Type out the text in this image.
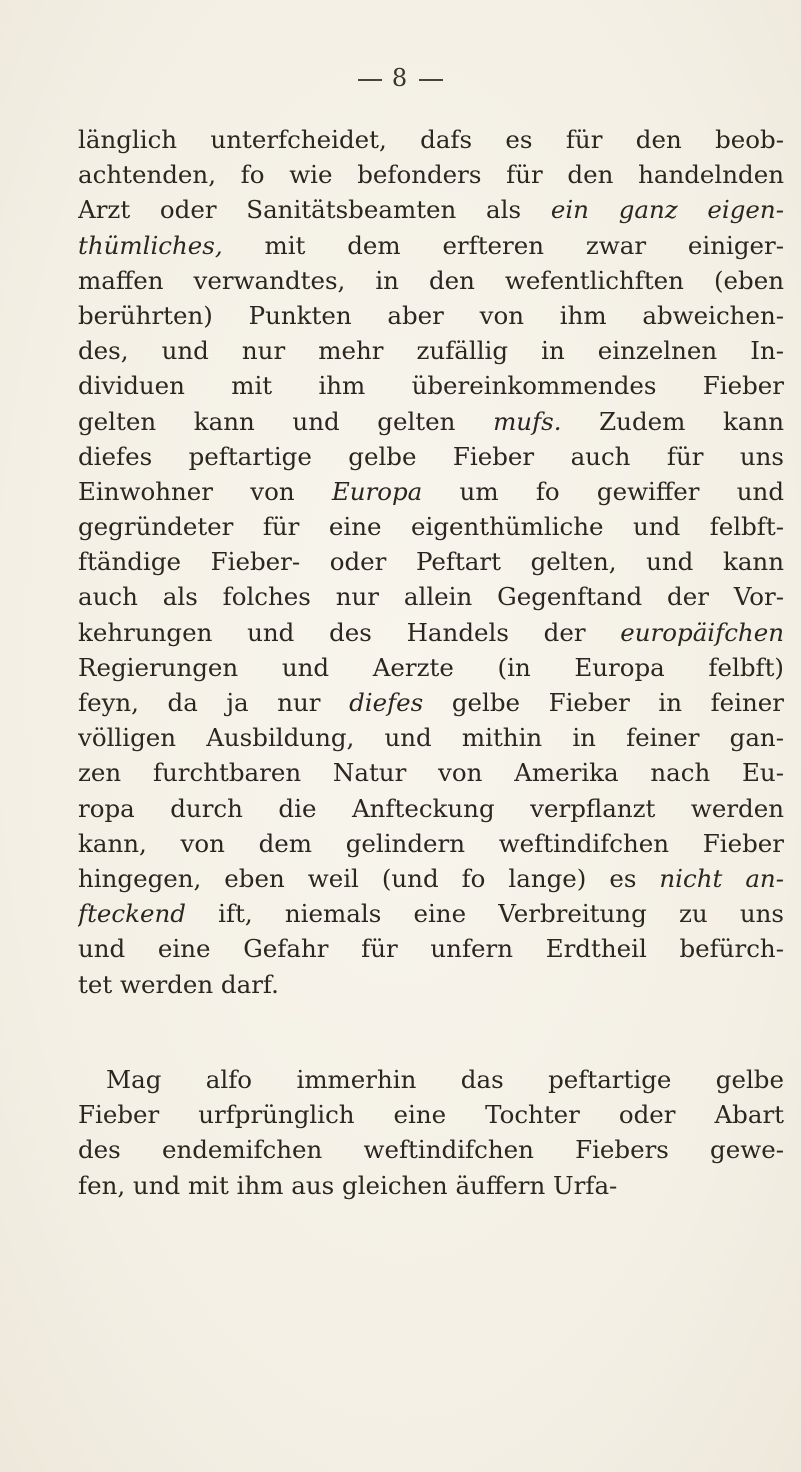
8
länglich unterfcheidet, dafs es für den beob-
achtenden, fo wie befonders für den handelnden
Arzt oder Sanitätsbeamten als ein ganz eigen-
thümliches, mit dem erfteren zwar einiger-
maffen verwandtes, in den wefentlichften (eben
berührten) Punkten aber von ihm abweichen-
des, und nur mehr zufällig in einzelnen In-
dividuen mit ihm übereinkommendes Fieber
gelten kann und gelten mufs. Zudem kann
diefes peftartige gelbe Fieber auch für uns
Einwohner von Europa um fo gewiffer und
gegründeter für eine eigenthümliche und felbft-
ftändige Fieber- oder Peftart gelten, und kann
auch als folches nur allein Gegenftand der Vor-
kehrungen und des Handels der europäifchen
Regierungen und Aerzte (in Europa felbft)
feyn, da ja nur diefes gelbe Fieber in feiner
völligen Ausbildung, und mithin in feiner gan-
zen furchtbaren Natur von Amerika nach Eu-
ropa durch die Anfteckung verpflanzt werden
kann, von dem gelindern weftindifchen Fieber
hingegen, eben weil (und fo lange) es nicht an-
fteckend ift, niemals eine Verbreitung zu uns
und eine Gefahr für unfern Erdtheil befürch-
tet werden darf.
Mag alfo immerhin das peftartige gelbe
Fieber urfprünglich eine Tochter oder Abart
des endemifchen weftindifchen Fiebers gewe-
fen, und mit ihm aus gleichen äuffern Urfa-
